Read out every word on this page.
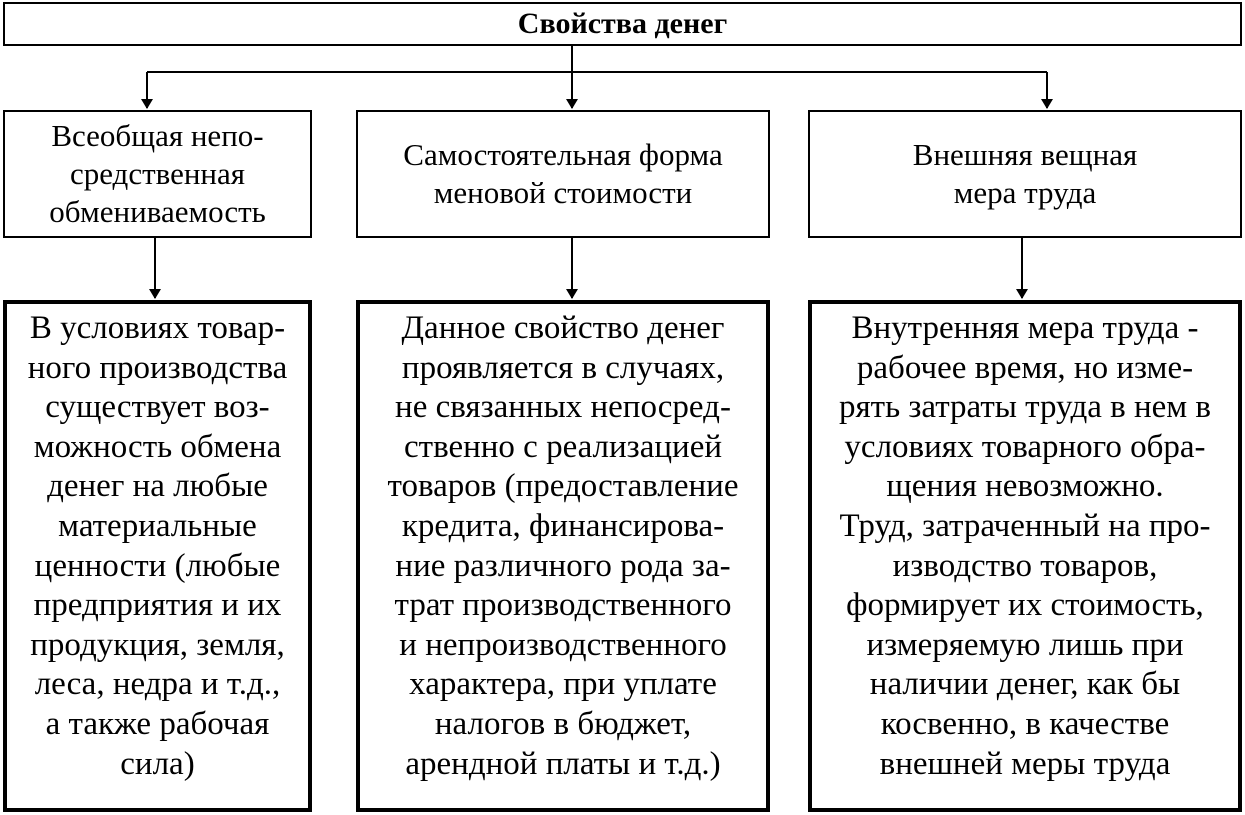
Свойства денег
Всеобщая непо-
средственная
обмениваемость
Самостоятельная форма
меновой стоимости
Внешняя вещная
мера труда
В условиях товар-
ного производства
существует воз-
можность обмена
денег на любые
материальные
ценности (любые
предприятия и их
продукция, земля,
леса, недра и т.д.,
а также рабочая
сила)
Данное свойство денег
проявляется в случаях,
не связанных непосред-
ственно с реализацией
товаров (предоставление
кредита, финансирова-
ние различного рода за-
трат производственного
и непроизводственного
характера, при уплате
налогов в бюджет,
арендной платы и т.д.)
Внутренняя мера труда -
рабочее время, но изме-
рять затраты труда в нем в
условиях товарного обра-
щения невозможно.
Труд, затраченный на про-
изводство товаров,
формирует их стоимость,
измеряемую лишь при
наличии денег, как бы
косвенно, в качестве
внешней меры труда
